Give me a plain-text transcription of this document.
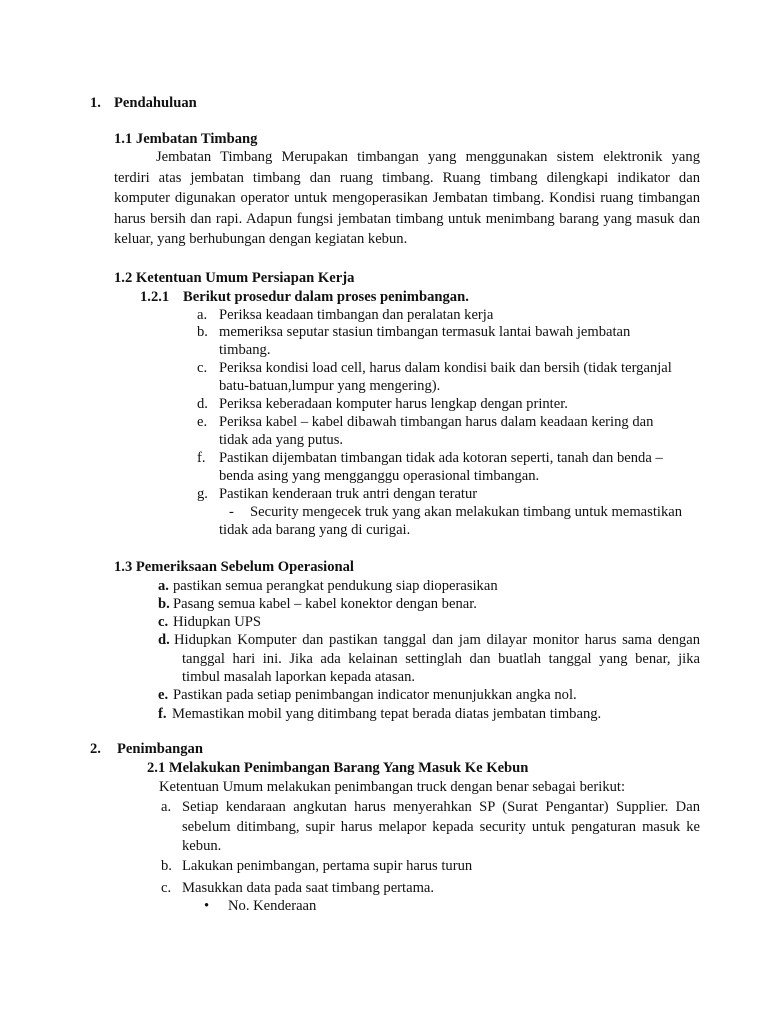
1. Pendahuluan
1.1 Jembatan Timbang
Jembatan Timbang Merupakan timbangan yang menggunakan sistem elektronik yang
terdiri atas jembatan timbang dan ruang timbang. Ruang timbang dilengkapi indikator dan
komputer digunakan operator untuk mengoperasikan Jembatan timbang. Kondisi ruang timbangan
harus bersih dan rapi. Adapun fungsi jembatan timbang untuk menimbang barang yang masuk dan
keluar, yang berhubungan dengan kegiatan kebun.
1.2 Ketentuan Umum Persiapan Kerja
1.2.1 Berikut prosedur dalam proses penimbangan.
a. Periksa keadaan timbangan dan peralatan kerja
b. memeriksa seputar stasiun timbangan termasuk lantai bawah jembatan
timbang.
c. Periksa kondisi load cell, harus dalam kondisi baik dan bersih (tidak terganjal
batu-batuan,lumpur yang mengering).
d. Periksa keberadaan komputer harus lengkap dengan printer.
e. Periksa kabel – kabel dibawah timbangan harus dalam keadaan kering dan
tidak ada yang putus.
f. Pastikan dijembatan timbangan tidak ada kotoran seperti, tanah dan benda –
benda asing yang mengganggu operasional timbangan.
g. Pastikan kenderaan truk antri dengan teratur
- Security mengecek truk yang akan melakukan timbang untuk memastikan
tidak ada barang yang di curigai.
1.3 Pemeriksaan Sebelum Operasional
a. pastikan semua perangkat pendukung siap dioperasikan
b. Pasang semua kabel – kabel konektor dengan benar.
c. Hidupkan UPS
d. Hidupkan Komputer dan pastikan tanggal dan jam dilayar monitor harus sama dengan
tanggal hari ini. Jika ada kelainan settinglah dan buatlah tanggal yang benar, jika
timbul masalah laporkan kepada atasan.
e. Pastikan pada setiap penimbangan indicator menunjukkan angka nol.
f. Memastikan mobil yang ditimbang tepat berada diatas jembatan timbang.
2. Penimbangan
2.1 Melakukan Penimbangan Barang Yang Masuk Ke Kebun
Ketentuan Umum melakukan penimbangan truck dengan benar sebagai berikut:
a. Setiap kendaraan angkutan harus menyerahkan SP (Surat Pengantar) Supplier. Dan
sebelum ditimbang, supir harus melapor kepada security untuk pengaturan masuk ke
kebun.
b. Lakukan penimbangan, pertama supir harus turun
c. Masukkan data pada saat timbang pertama.
• No. Kenderaan
